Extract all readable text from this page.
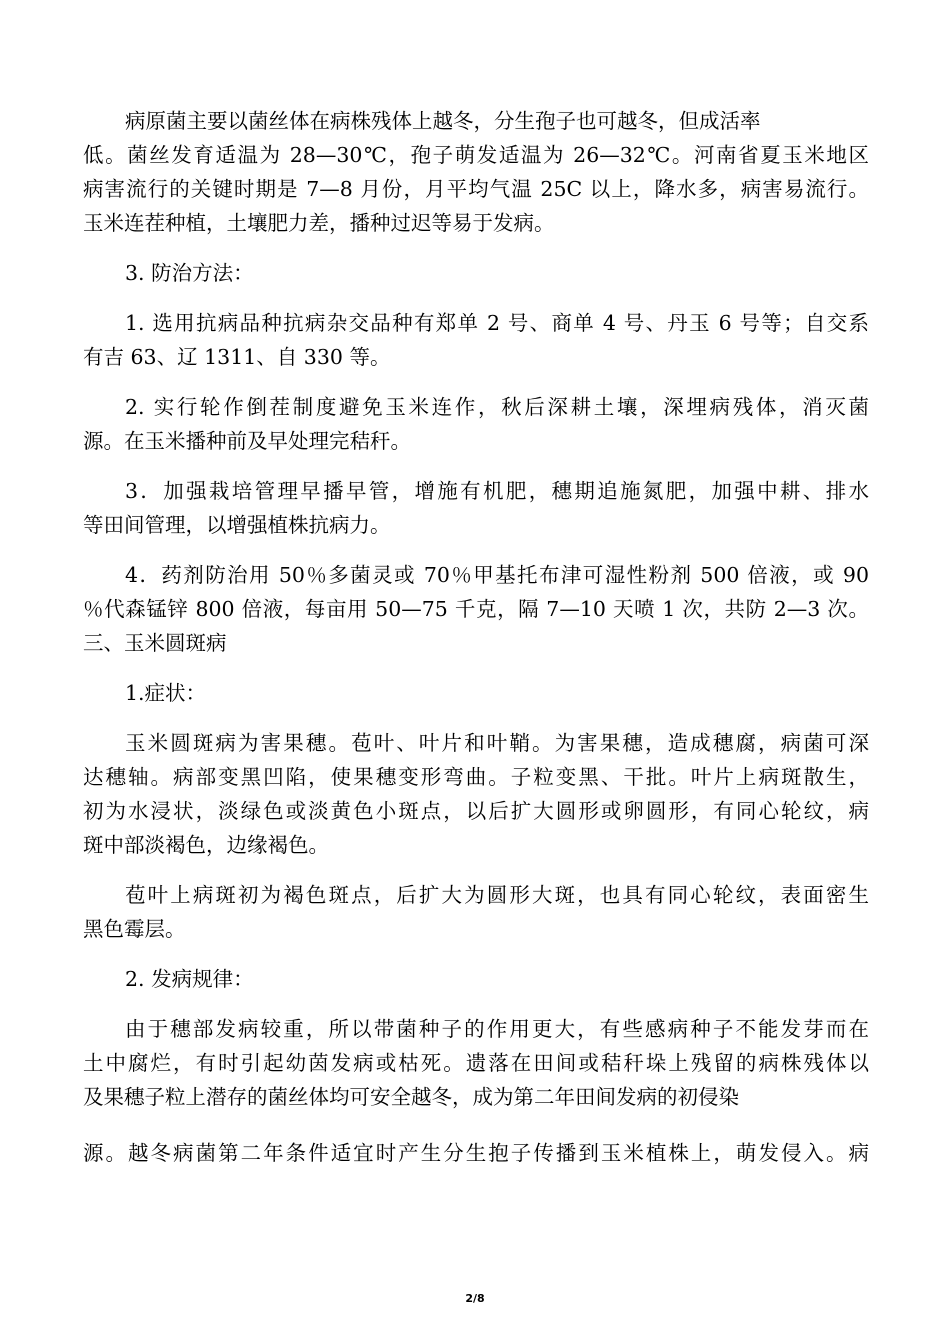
病原菌主要以菌丝体在病株残体上越冬，分生孢子也可越冬，但成活率
低。菌丝发育适温为 28—30℃，孢子萌发适温为 26—32℃。河南省夏玉米地区
病害流行的关键时期是 7—8 月份，月平均气温 25C 以上，降水多，病害易流行。
玉米连茬种植，土壤肥力差，播种过迟等易于发病。
3. 防治方法：
1. 选用抗病品种抗病杂交品种有郑单 2 号、商单 4 号、丹玉 6 号等；自交系
有吉 63、辽 1311、自 330 等。
2. 实行轮作倒茬制度避免玉米连作，秋后深耕土壤，深埋病残体，消灭菌
源。在玉米播种前及早处理完秸秆。
3．加强栽培管理早播早管，增施有机肥，穗期追施氮肥，加强中耕、排水
等田间管理，以增强植株抗病力。
4．药剂防治用 50％多菌灵或 70％甲基托布津可湿性粉剂 500 倍液，或 90
％代森锰锌 800 倍液，每亩用 50—75 千克，隔 7—10 天喷 1 次，共防 2—3 次。
三、玉米圆斑病
1.症状：
玉米圆斑病为害果穗。苞叶、叶片和叶鞘。为害果穗，造成穗腐，病菌可深
达穗轴。病部变黑凹陷，使果穗变形弯曲。子粒变黑、干批。叶片上病斑散生，
初为水浸状，淡绿色或淡黄色小斑点，以后扩大圆形或卵圆形，有同心轮纹，病
斑中部淡褐色，边缘褐色。
苞叶上病斑初为褐色斑点，后扩大为圆形大斑，也具有同心轮纹，表面密生
黑色霉层。
2. 发病规律：
由于穗部发病较重，所以带菌种子的作用更大，有些感病种子不能发芽而在
土中腐烂，有时引起幼茵发病或枯死。遗落在田间或秸秆垛上残留的病株残体以
及果穗子粒上潜存的菌丝体均可安全越冬，成为第二年田间发病的初侵染
源。越冬病菌第二年条件适宜时产生分生抱子传播到玉米植株上，萌发侵入。病
2/8
